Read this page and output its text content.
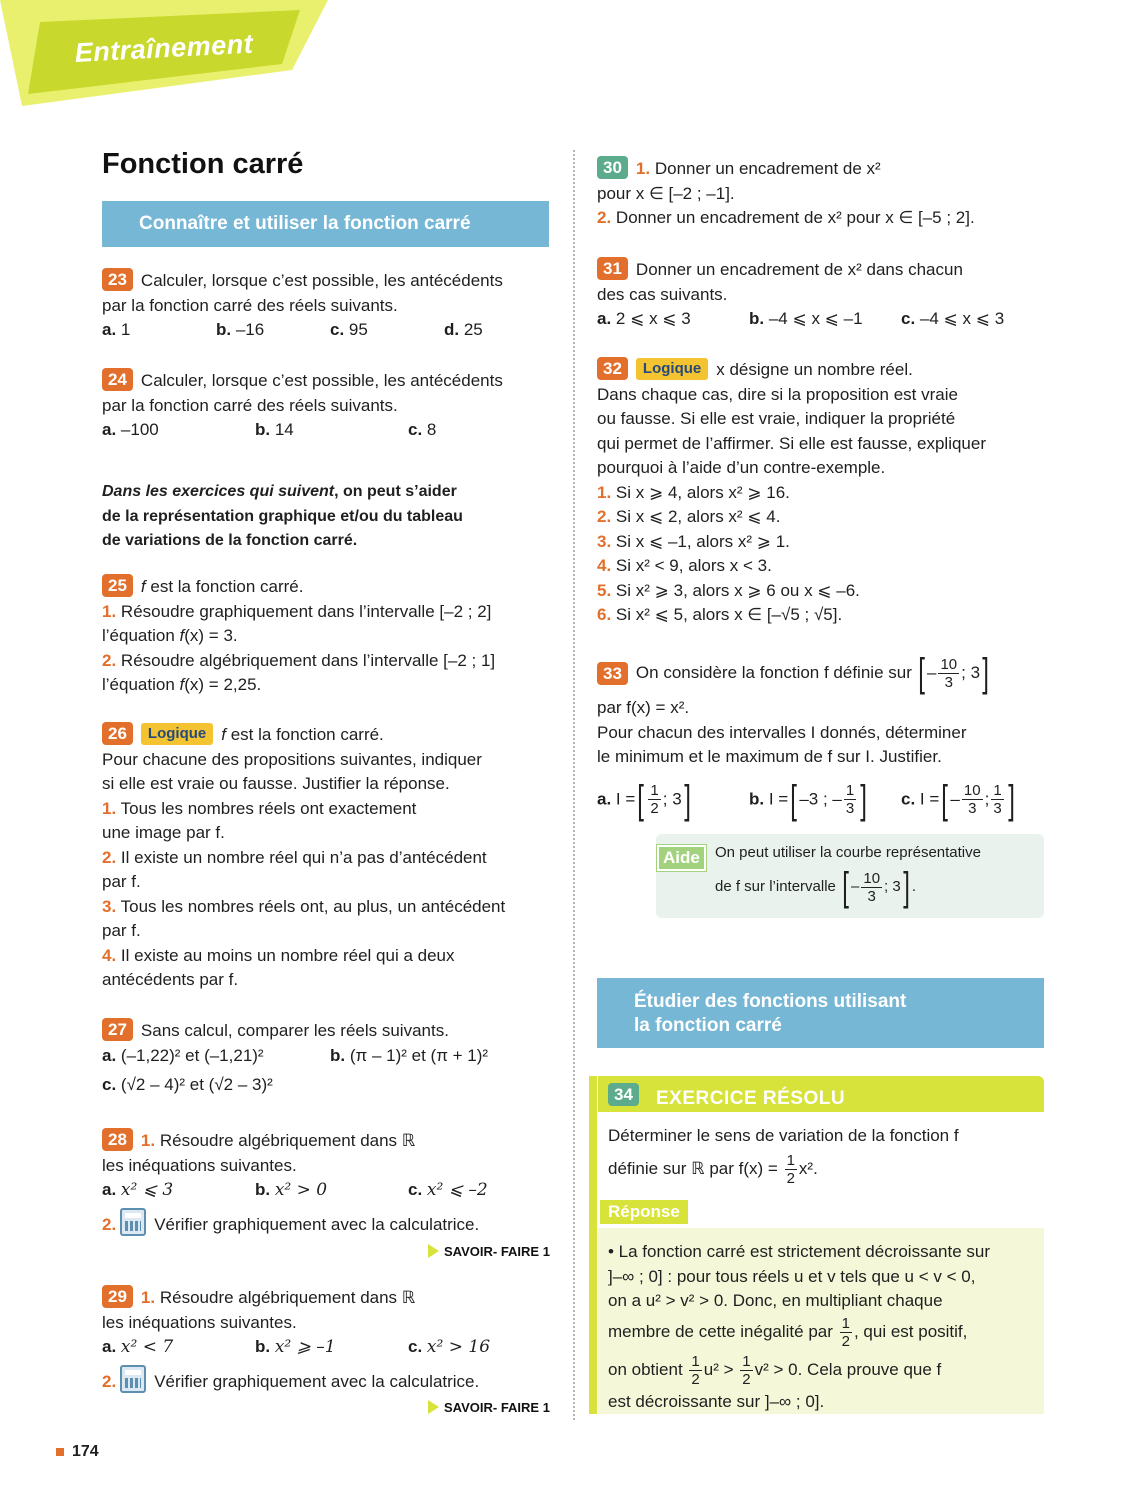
Entraînement
Fonction carré
Connaître et utiliser la fonction carré
23 Calculer, lorsque c’est possible, les antécédents
par la fonction carré des réels suivants.
a. 1	b. –16	c. 95	d. 25
24 Calculer, lorsque c’est possible, les antécédents
par la fonction carré des réels suivants.
a. –100	b. 14	c. 8
Dans les exercices qui suivent, on peut s’aider
de la représentation graphique et/ou du tableau
de variations de la fonction carré.
25 f est la fonction carré.
1. Résoudre graphiquement dans l’intervalle [–2 ; 2]
l’équation f(x) = 3.
2. Résoudre algébriquement dans l’intervalle [–2 ; 1]
l’équation f(x) = 2,25.
26 Logique f est la fonction carré.
Pour chacune des propositions suivantes, indiquer
si elle est vraie ou fausse. Justifier la réponse.
1. Tous les nombres réels ont exactement
une image par f.
2. Il existe un nombre réel qui n’a pas d’antécédent
par f.
3. Tous les nombres réels ont, au plus, un antécédent
par f.
4. Il existe au moins un nombre réel qui a deux
antécédents par f.
27 Sans calcul, comparer les réels suivants.
a. (–1,22)² et (–1,21)²	b. (π – 1)² et (π + 1)²
c. (√2 – 4)² et (√2 – 3)²
28 1. Résoudre algébriquement dans ℝ
les inéquations suivantes.
a. x² ⩽ 3	b. x² > 0	c. x² ⩽ –2
2. Vérifier graphiquement avec la calculatrice.
SAVOIR- FAIRE 1
29 1. Résoudre algébriquement dans ℝ
les inéquations suivantes.
a. x² < 7	b. x² ⩾ –1	c. x² > 16
2. Vérifier graphiquement avec la calculatrice.
SAVOIR- FAIRE 1
30 1. Donner un encadrement de x²
pour x ∈ [–2 ; –1].
2. Donner un encadrement de x² pour x ∈ [–5 ; 2].
31 Donner un encadrement de x² dans chacun
des cas suivants.
a. 2 ⩽ x ⩽ 3	b. –4 ⩽ x ⩽ –1	c. –4 ⩽ x ⩽ 3
32 Logique x désigne un nombre réel.
Dans chaque cas, dire si la proposition est vraie
ou fausse. Si elle est vraie, indiquer la propriété
qui permet de l’affirmer. Si elle est fausse, expliquer
pourquoi à l’aide d’un contre-exemple.
1. Si x ⩾ 4, alors x² ⩾ 16.
2. Si x ⩽ 2, alors x² ⩽ 4.
3. Si x ⩽ –1, alors x² ⩾ 1.
4. Si x² < 9, alors x < 3.
5. Si x² ⩾ 3, alors x ⩾ 6 ou x ⩽ –6.
6. Si x² ⩽ 5, alors x ∈ [–√5 ; √5].
33 On considère la fonction f définie sur [ – $\frac{10}{3}$ ; 3 ]
par f(x) = x².
Pour chacun des intervalles I donnés, déterminer
le minimum et le maximum de f sur I. Justifier.
a. I =[ $\frac{1}{2}$ ; 3]	b. I =[ –3 ; – $\frac{1}{3}$ ]	c. I =[ – $\frac{10}{3}$ ; $\frac{1}{3}$ ]
Aide	On peut utiliser la courbe représentative
de f sur l’intervalle [ – $\frac{10}{3}$ ; 3 ] .
Étudier des fonctions utilisant
la fonction carré
34	EXERCICE RÉSOLU
Déterminer le sens de variation de la fonction f
définie sur ℝ par f(x) =
$\frac{1}{2} x^2$.
Réponse
• La fonction carré est strictement décroissante sur
]–∞ ; 0] : pour tous réels u et v tels que u < v < 0,
on a u² > v² > 0. Donc, en multipliant chaque
membre de cette inégalité par
$\frac{1}{2}$ , qui est positif,
on obtient
$\frac{1}{2} u^2$ >
$\frac{1}{2} v^2 > 0$. Cela prouve que f
est décroissante sur ]–∞ ; 0].
174
